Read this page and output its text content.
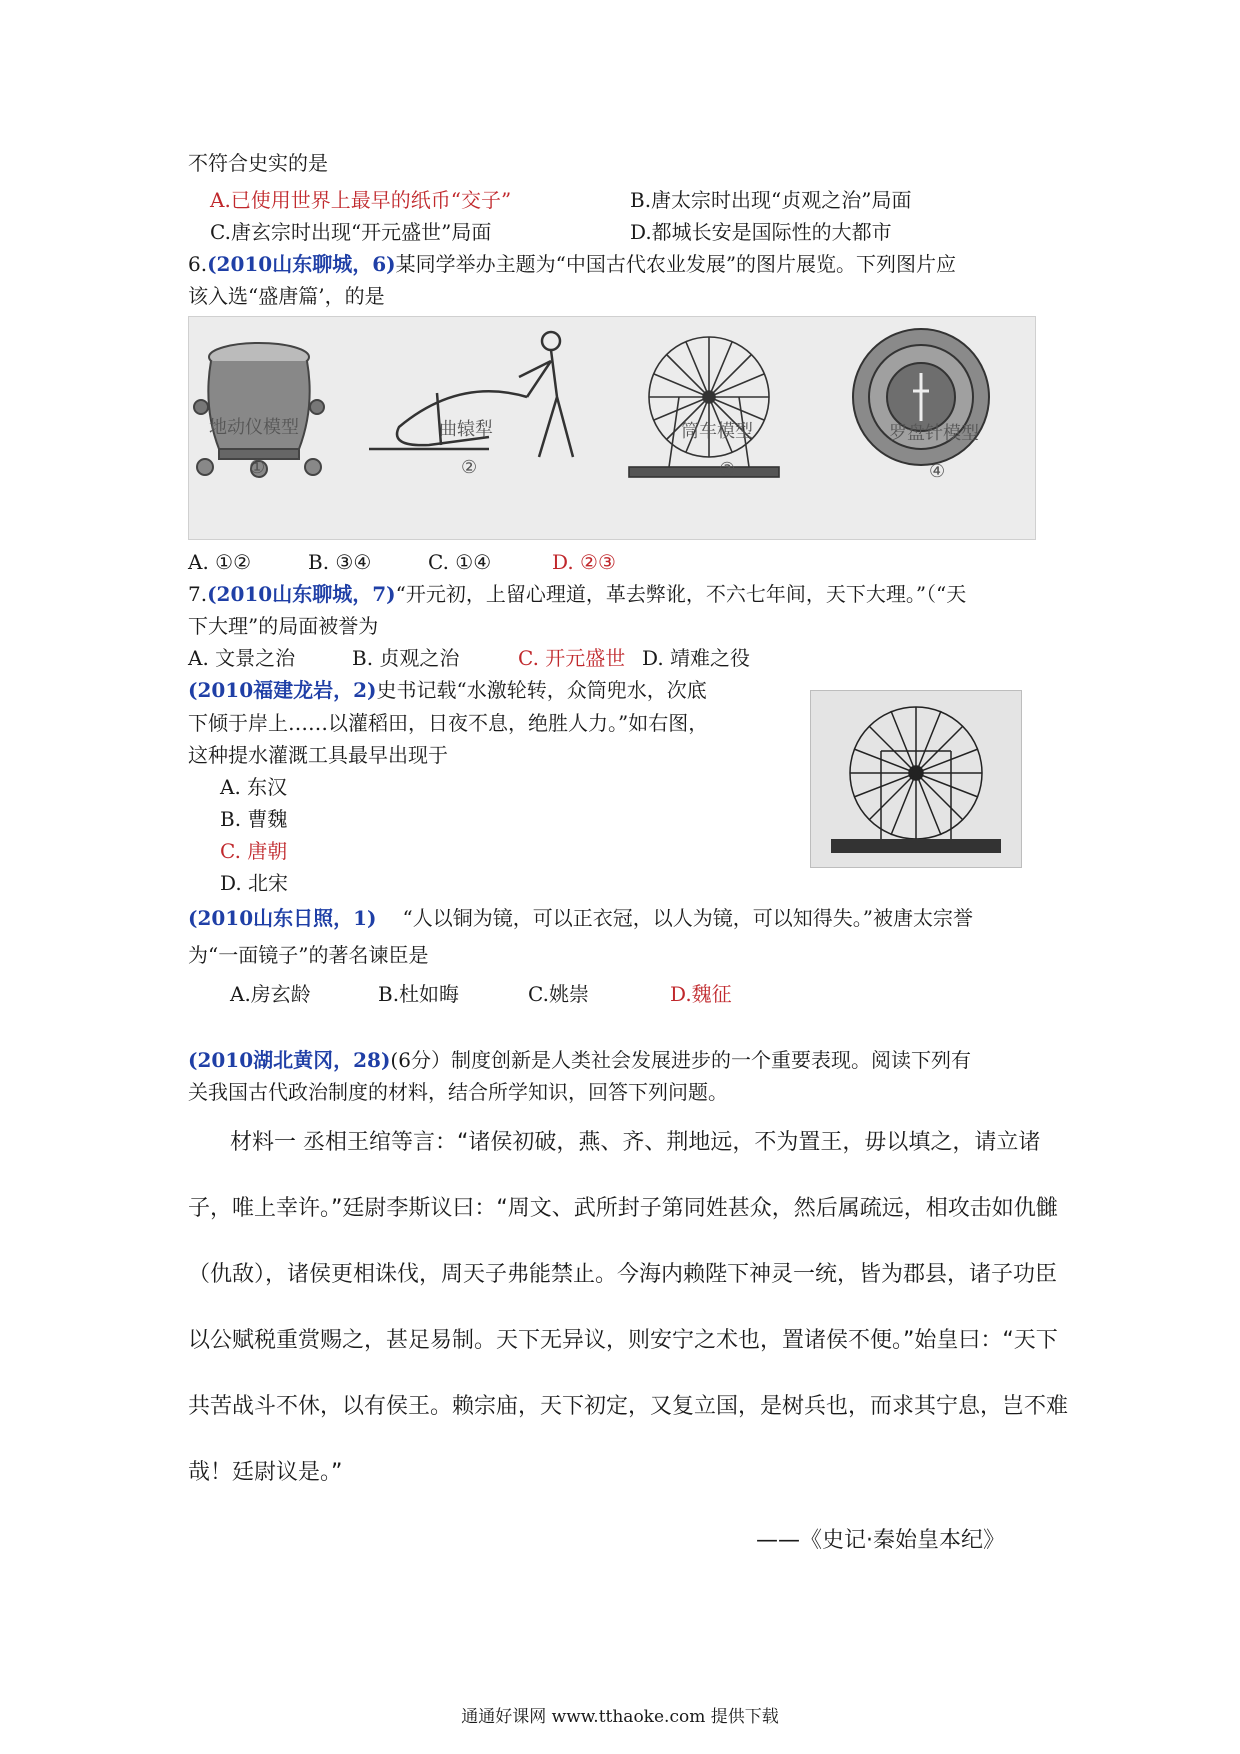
不符合史实的是
A.已使用世界上最早的纸币“交子”	B.唐太宗时出现“贞观之治”局面
C.唐玄宗时出现“开元盛世”局面	D.都城长安是国际性的大都市
6.(2010山东聊城，6)某同学举办主题为“中国古代农业发展”的图片展览。下列图片应
该入选“盛唐篇’，的是
地动仪模型
①
曲辕犁
②
筒车模型
③
罗盘针模型
④
A. ①②	B. ③④	C. ①④	D. ②③
7.(2010山东聊城，7)“开元初，上留心理道，革去弊讹，不六七年间，天下大理。”（“天
下大理”的局面被誉为
A. 文景之治	B. 贞观之治	C. 开元盛世 D. 靖难之役
(2010福建龙岩，2)史书记载“水激轮转，众筒兜水，次底
下倾于岸上……以灌稻田，日夜不息，绝胜人力。”如右图，
这种提水灌溉工具最早出现于
A. 东汉
B. 曹魏
C. 唐朝
D. 北宋
(2010山东日照，1) “人以铜为镜，可以正衣冠，以人为镜，可以知得失。”被唐太宗誉
为“一面镜子”的著名谏臣是
A.房玄龄	B.杜如晦	C.姚崇	D.魏征
(2010湖北黄冈，28)(6分）制度创新是人类社会发展进步的一个重要表现。阅读下列有
关我国古代政治制度的材料，结合所学知识，回答下列问题。
材料一 丞相王绾等言：“诸侯初破，燕、齐、荆地远，不为置王，毋以填之，请立诸
子，唯上幸许。”廷尉李斯议曰：“周文、武所封子第同姓甚众，然后属疏远，相攻击如仇雠
（仇敌），诸侯更相诛伐，周天子弗能禁止。今海内赖陛下神灵一统，皆为郡县，诸子功臣
以公赋税重赏赐之，甚足易制。天下无异议，则安宁之术也，置诸侯不便。”始皇曰：“天下
共苦战斗不休，以有侯王。赖宗庙，天下初定，又复立国，是树兵也，而求其宁息，岂不难
哉！廷尉议是。”
——《史记·秦始皇本纪》
通通好课网 www.tthaoke.com 提供下载
